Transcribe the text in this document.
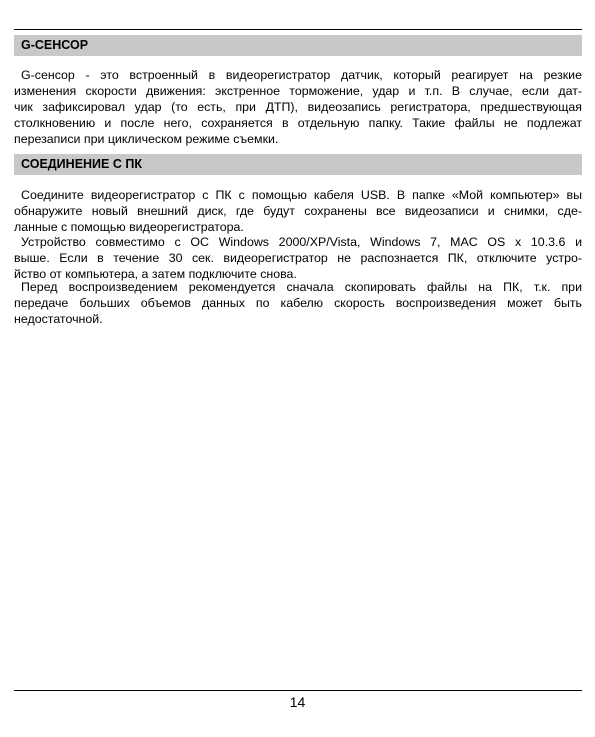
G-СЕНСОР
G-сенсор - это встроенный в видеорегистратор датчик, который реагирует на резкие
изменения скорости движения: экстренное торможение, удар и т.п. В случае, если дат-
чик зафиксировал удар (то есть, при ДТП), видеозапись регистратора, предшествующая
столкновению и после него, сохраняется в отдельную папку. Такие файлы не подлежат
перезаписи при циклическом режиме съемки.
СОЕДИНЕНИЕ С ПК
Соедините видеорегистратор с ПК с помощью кабеля USB. В папке «Мой компьютер» вы
обнаружите новый внешний диск, где будут сохранены все видеозаписи и снимки, сде-
ланные с помощью видеорегистратора.
Устройство совместимо с ОС Windows 2000/XP/Vista, Windows 7, MAC OS x 10.3.6 и
выше. Если в течение 30 сек. видеорегистратор не распознается ПК, отключите устро-
йство от компьютера, а затем подключите снова.
Перед воспроизведением рекомендуется сначала скопировать файлы на ПК, т.к. при
передаче больших объемов данных по кабелю скорость воспроизведения может быть
недостаточной.
14
